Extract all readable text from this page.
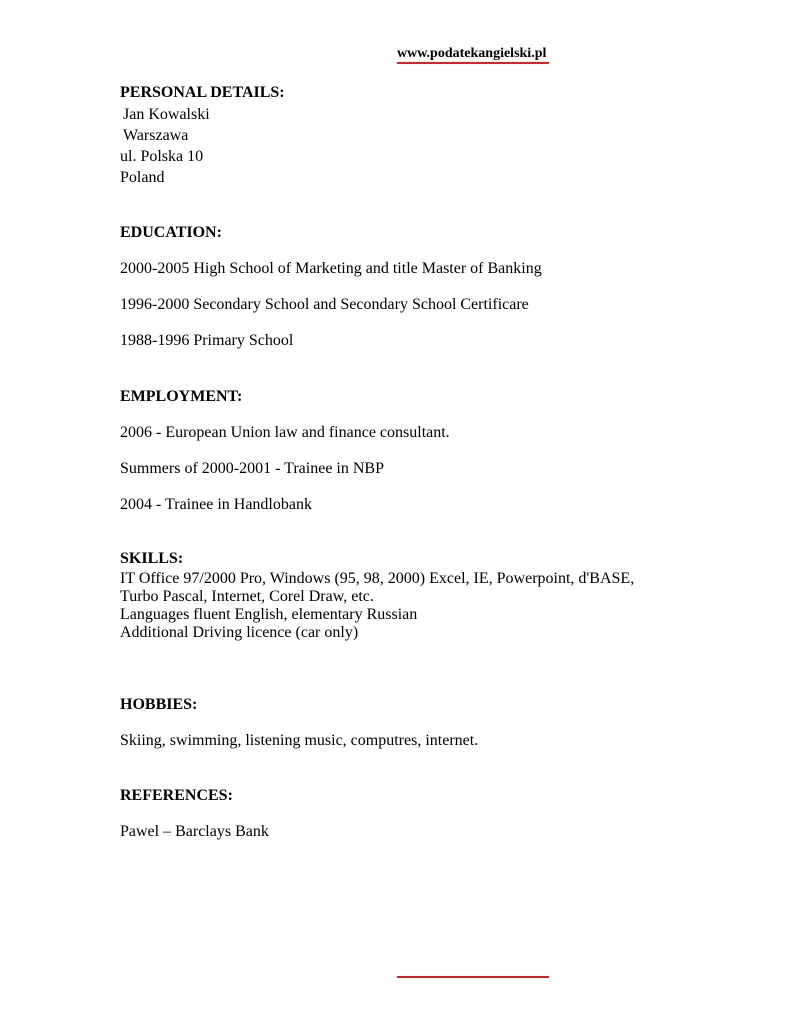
www.podatekangielski.pl

PERSONAL DETAILS:

Jan Kowalski

Warszawa

ul. Polska 10

Poland

EDUCATION:

2000-2005 High School of Marketing and title Master of Banking

1996-2000 Secondary School and Secondary School Certificare

1988-1996 Primary School

EMPLOYMENT:

2006 - European Union law and finance consultant.

Summers of 2000-2001 - Trainee in NBP

2004 - Trainee in Handlobank

SKILLS:

IT Office 97/2000 Pro, Windows (95, 98, 2000) Excel, IE, Powerpoint, d'BASE,

Turbo Pascal, Internet, Corel Draw, etc.

Languages fluent English, elementary Russian

Additional Driving licence (car only)

HOBBIES:

Skiing, swimming, listening music, computres, internet.

REFERENCES:

Pawel – Barclays Bank
